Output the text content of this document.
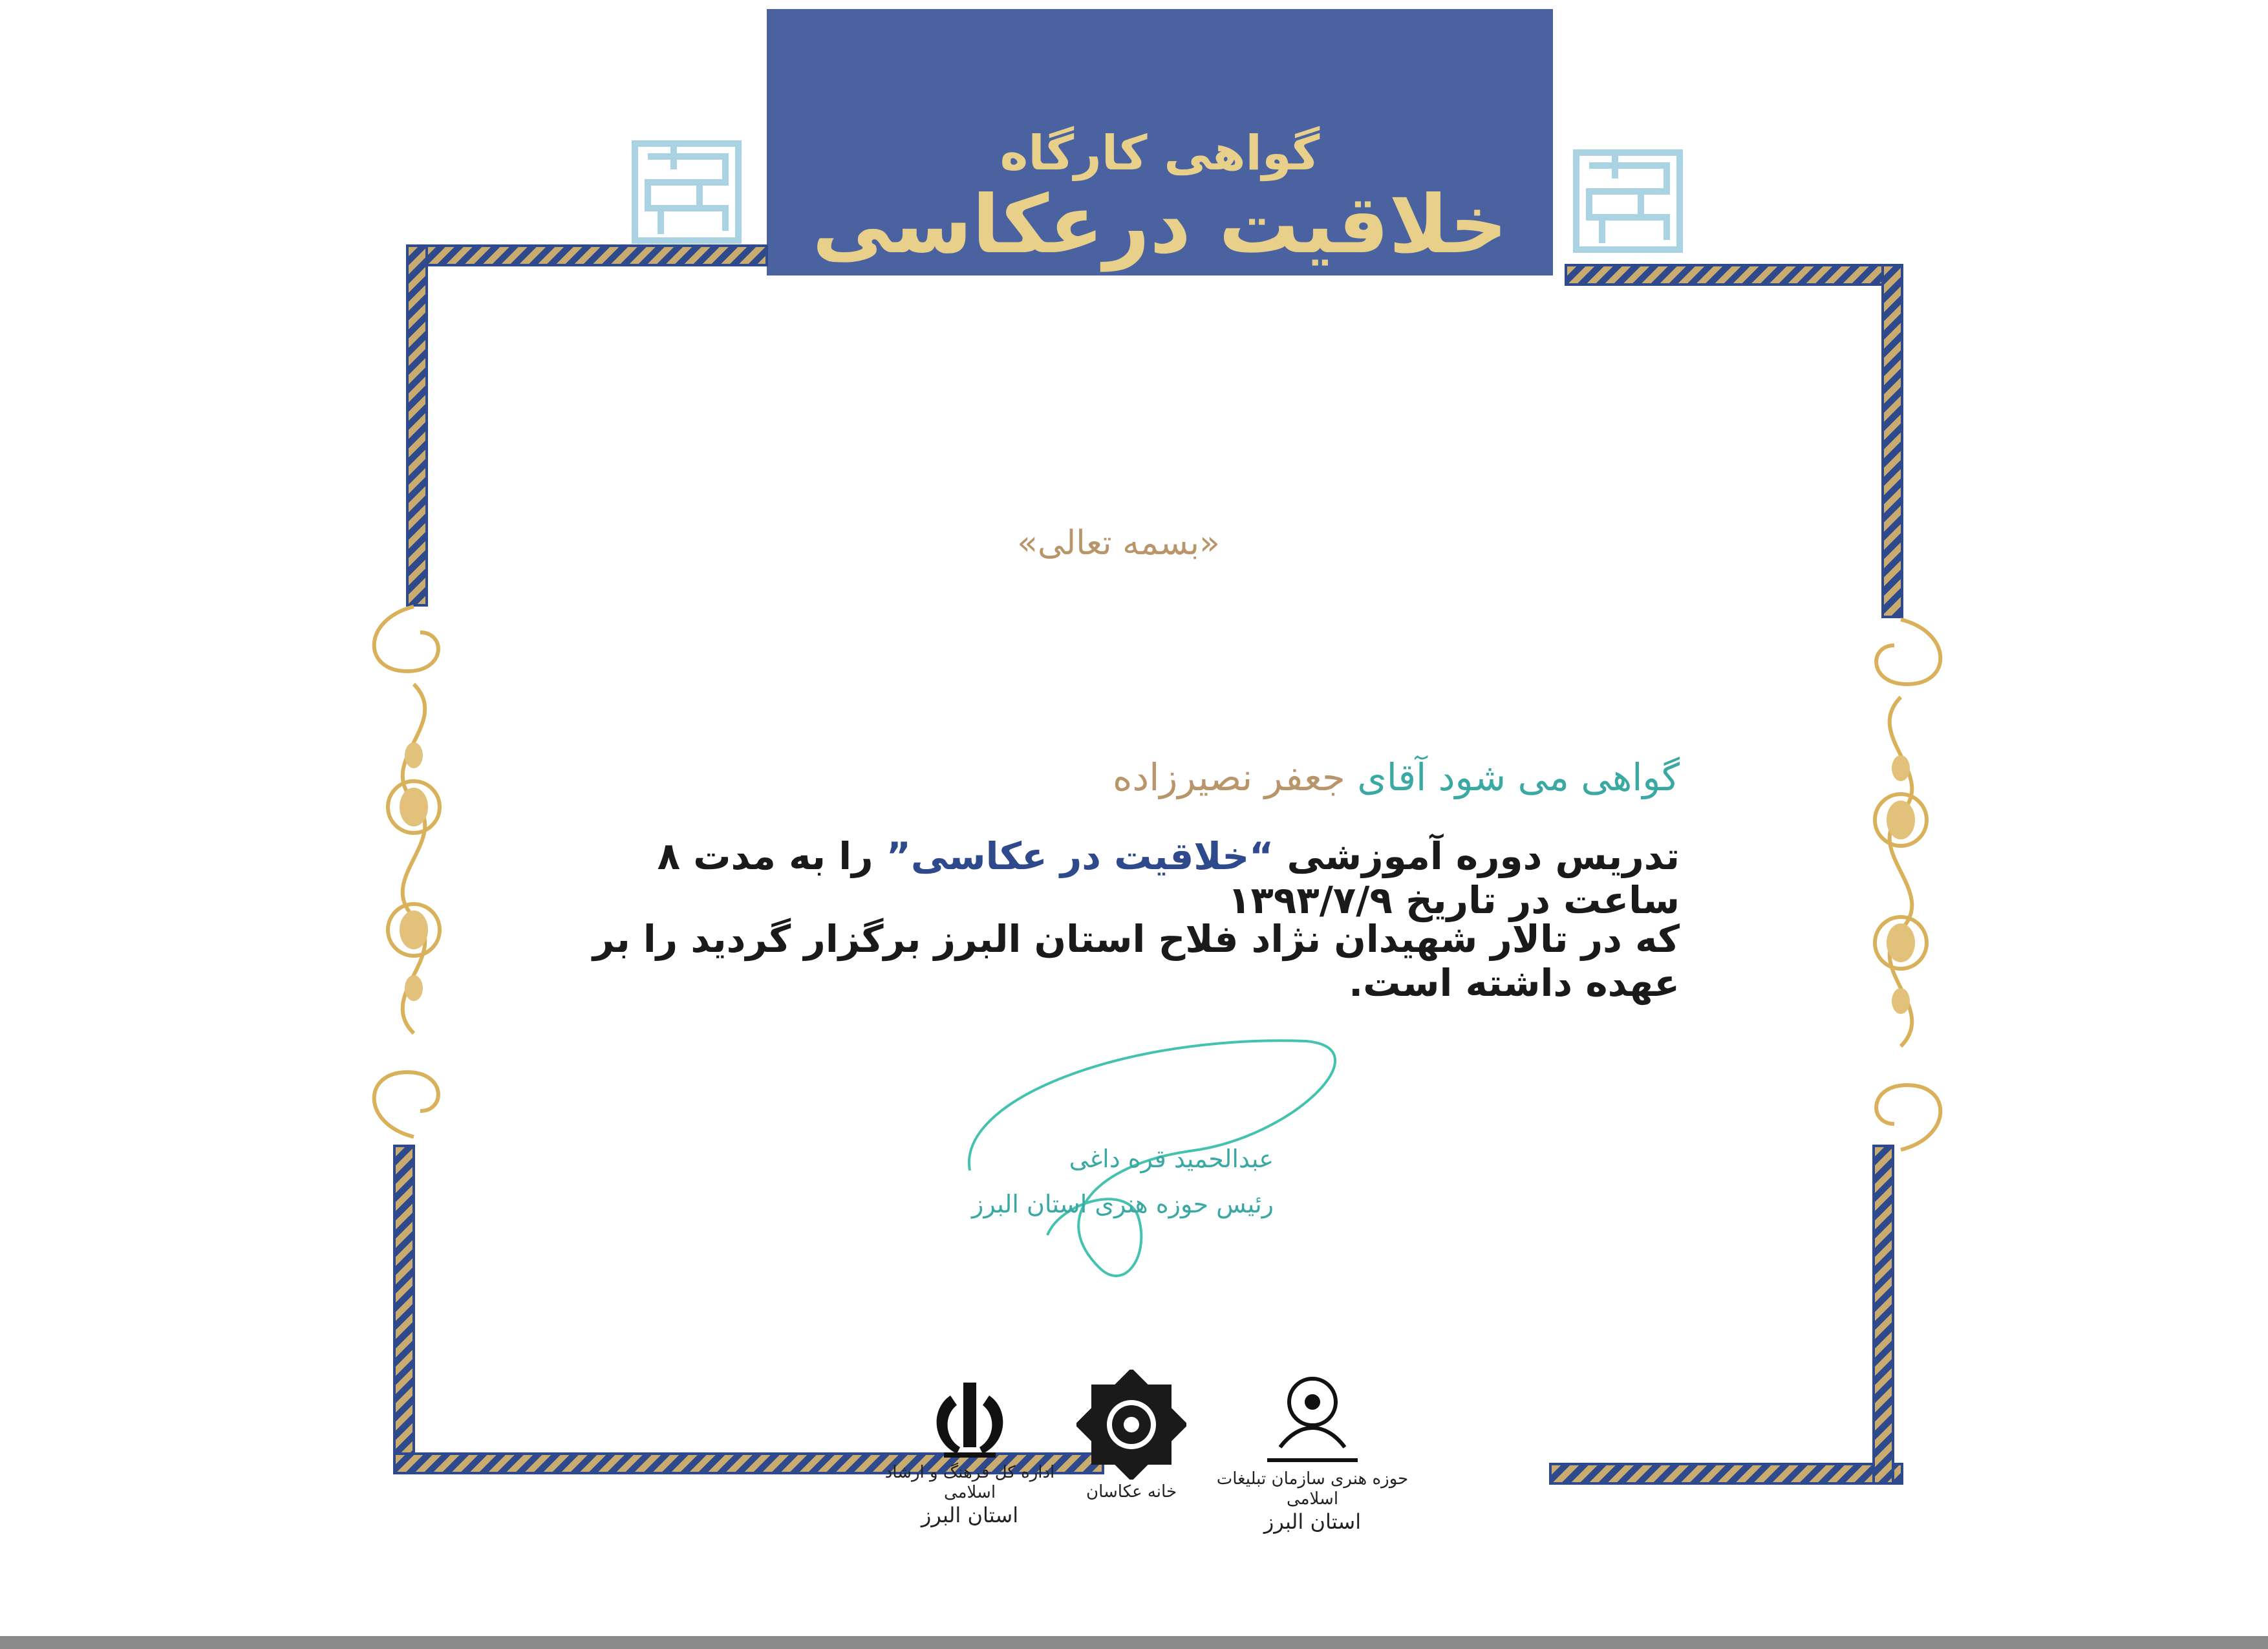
گواهی کارگاه
خلاقیت درعکاسی
«بسمه تعالی»
گواهی می شود آقای جعفر نصیرزاده
تدریس دوره آموزشی “خلاقیت در عکاسی” را به مدت ۸ ساعت در تاریخ ۱۳۹۳/۷/۹
که در تالار شهیدان نژاد فلاح استان البرز برگزار گردید را بر عهده داشته است.
عبدالحمید قره داغی
رئیس حوزه هنری استان البرز
اداره کل فرهنگ و ارشاد اسلامی
استان البرز
خانه عکاسان
حوزه هنری سازمان تبلیغات اسلامی
استان البرز
